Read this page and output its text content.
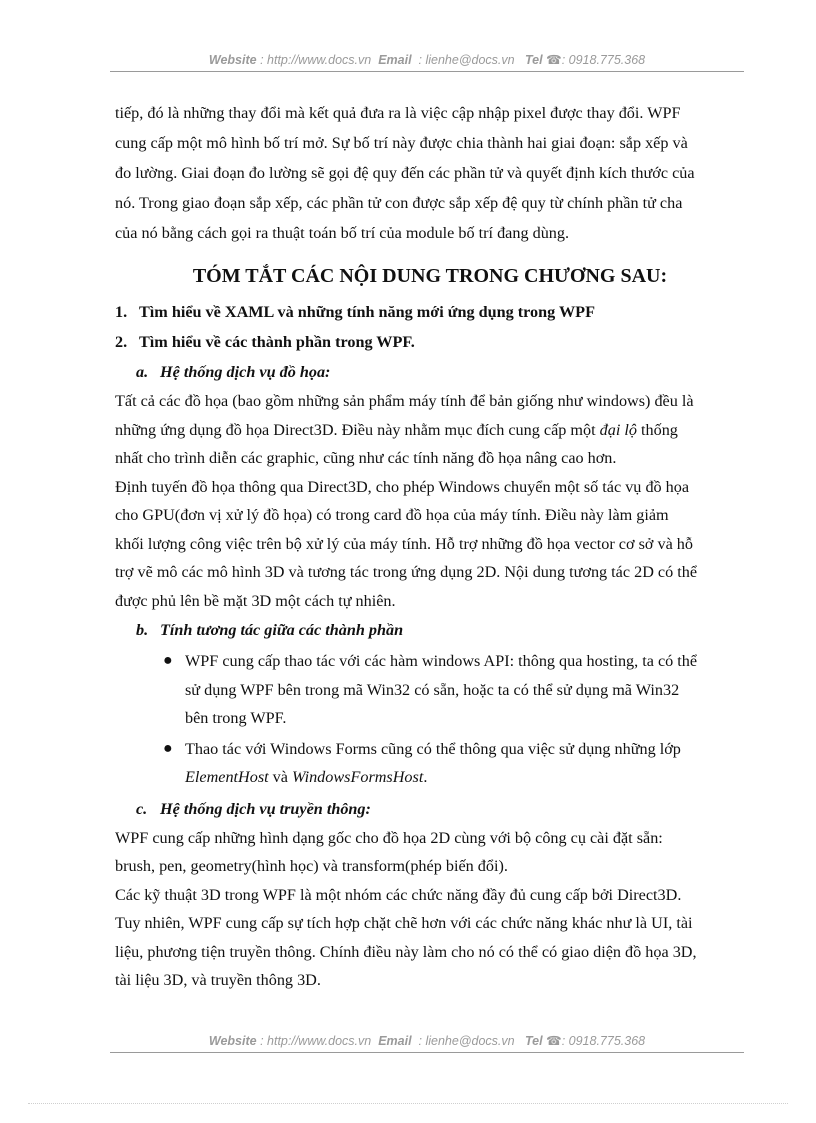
Website : http://www.docs.vn Email : lienhe@docs.vn Tel ☎: 0918.775.368

tiếp, đó là những thay đổi mà kết quả đưa ra là việc cập nhập pixel được thay đổi. WPF

cung cấp một mô hình bố trí mở. Sự bố trí này được chia thành hai giai đoạn: sắp xếp và

đo lường. Giai đoạn đo lường sẽ gọi đệ quy đến các phần tử và quyết định kích thước của

nó. Trong giao đoạn sắp xếp, các phần tử con được sắp xếp đệ quy từ chính phần tử cha

của nó bằng cách gọi ra thuật toán bố trí của module bố trí đang dùng.

TÓM TẮT CÁC NỘI DUNG TRONG CHƯƠNG SAU:

1. Tìm hiểu về XAML và những tính năng mới ứng dụng trong WPF

2. Tìm hiểu về các thành phần trong WPF.

a. Hệ thống dịch vụ đồ họa:

Tất cả các đồ họa (bao gồm những sản phẩm máy tính để bản giống như windows) đều là

những ứng dụng đồ họa Direct3D. Điều này nhằm mục đích cung cấp một đại lộ thống

nhất cho trình diễn các graphic, cũng như các tính năng đồ họa nâng cao hơn.

Định tuyến đồ họa thông qua Direct3D, cho phép Windows chuyển một số tác vụ đồ họa

cho GPU(đơn vị xử lý đồ họa) có trong card đồ họa của máy tính. Điều này làm giảm

khối lượng công việc trên bộ xử lý của máy tính. Hỗ trợ những đồ họa vector cơ sở và hỗ

trợ vẽ mô các mô hình 3D và tương tác trong ứng dụng 2D. Nội dung tương tác 2D có thể

được phủ lên bề mặt 3D một cách tự nhiên.

b. Tính tương tác giữa các thành phần

● WPF cung cấp thao tác với các hàm windows API: thông qua hosting, ta có thể
sử dụng WPF bên trong mã Win32 có sẵn, hoặc ta có thể sử dụng mã Win32
bên trong WPF.
● Thao tác với Windows Forms cũng có thể thông qua việc sử dụng những lớp
ElementHost và WindowsFormsHost.

c. Hệ thống dịch vụ truyền thông:

WPF cung cấp những hình dạng gốc cho đồ họa 2D cùng với bộ công cụ cài đặt sẵn:

brush, pen, geometry(hình học) và transform(phép biến đổi).

Các kỹ thuật 3D trong WPF là một nhóm các chức năng đầy đủ cung cấp bởi Direct3D.

Tuy nhiên, WPF cung cấp sự tích hợp chặt chẽ hơn với các chức năng khác như là UI, tài

liệu, phương tiện truyền thông. Chính điều này làm cho nó có thể có giao diện đồ họa 3D,

tài liệu 3D, và truyền thông 3D.

Website : http://www.docs.vn Email : lienhe@docs.vn Tel ☎: 0918.775.368
